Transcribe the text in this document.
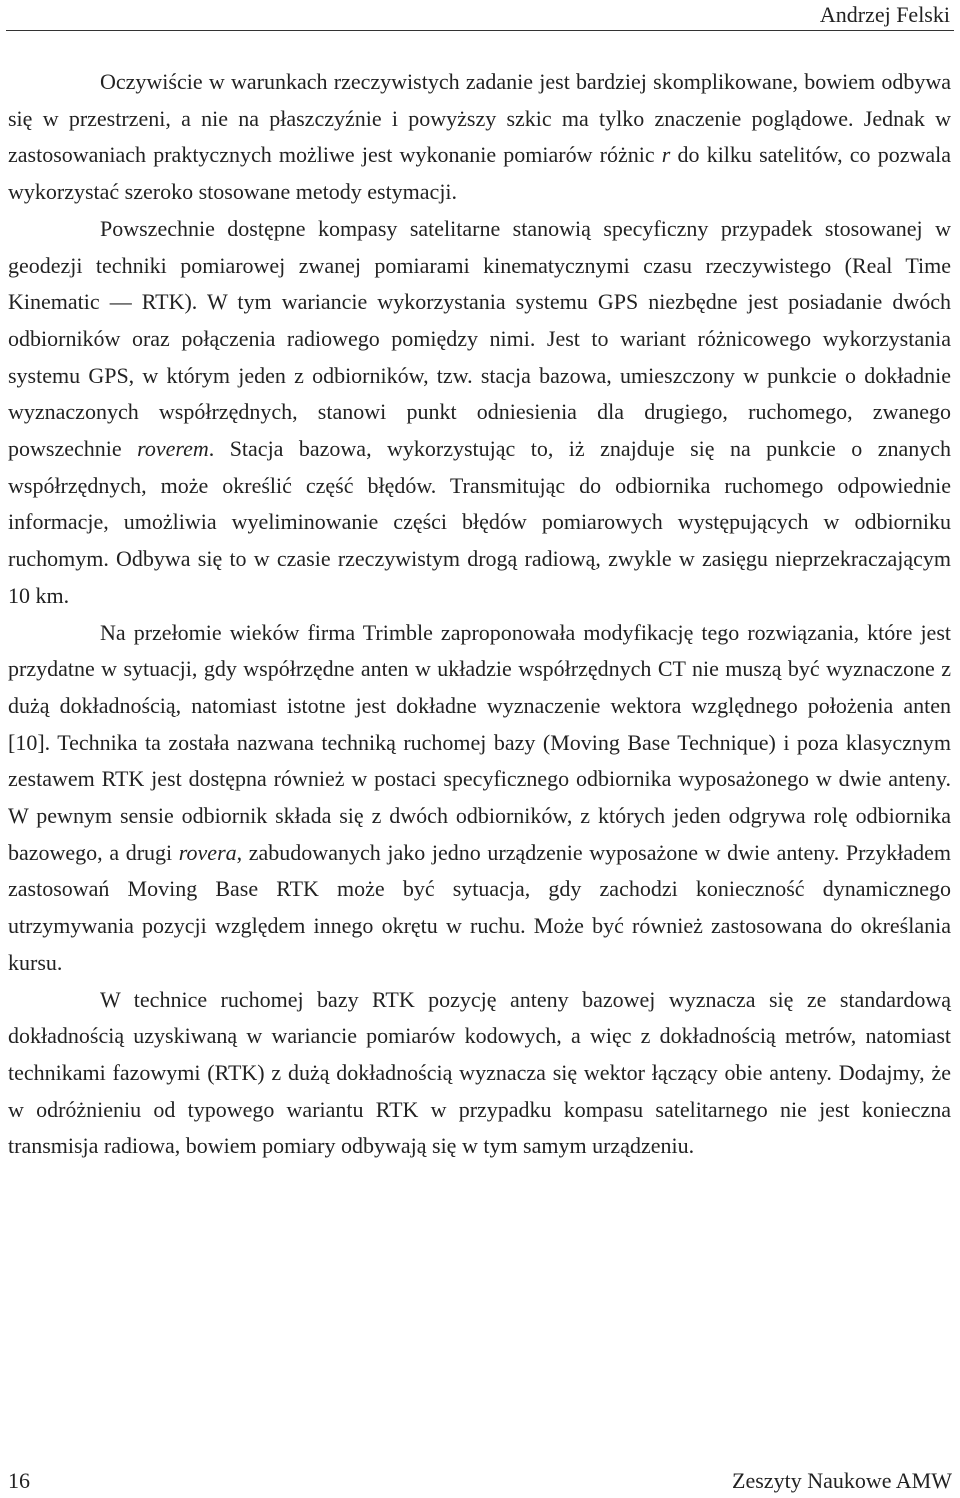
Andrzej Felski

Oczywiście w warunkach rzeczywistych zadanie jest bardziej skomplikowane, bowiem odbywa się w przestrzeni, a nie na płaszczyźnie i powyższy szkic ma tylko znaczenie poglądowe. Jednak w zastosowaniach praktycznych możliwe jest wykonanie pomiarów różnic r do kilku satelitów, co pozwala wykorzystać szeroko stosowane metody estymacji.

Powszechnie dostępne kompasy satelitarne stanowią specyficzny przypadek stosowanej w geodezji techniki pomiarowej zwanej pomiarami kinematycznymi czasu rzeczywistego (Real Time Kinematic — RTK). W tym wariancie wykorzystania systemu GPS niezbędne jest posiadanie dwóch odbiorników oraz połączenia radiowego pomiędzy nimi. Jest to wariant różnicowego wykorzystania systemu GPS, w którym jeden z odbiorników, tzw. stacja bazowa, umieszczony w punkcie o dokładnie wyznaczonych współrzędnych, stanowi punkt odniesienia dla drugiego, ruchomego, zwanego powszechnie roverem. Stacja bazowa, wykorzystując to, iż znajduje się na punkcie o znanych współrzędnych, może określić część błędów. Transmitując do odbiornika ruchomego odpowiednie informacje, umożliwia wyeliminowanie części błędów pomiarowych występujących w odbiorniku ruchomym. Odbywa się to w czasie rzeczywistym drogą radiową, zwykle w zasięgu nieprzekraczającym 10 km.

Na przełomie wieków firma Trimble zaproponowała modyfikację tego rozwiązania, które jest przydatne w sytuacji, gdy współrzędne anten w układzie współrzędnych CT nie muszą być wyznaczone z dużą dokładnością, natomiast istotne jest dokładne wyznaczenie wektora względnego położenia anten [10]. Technika ta została nazwana techniką ruchomej bazy (Moving Base Technique) i poza klasycznym zestawem RTK jest dostępna również w postaci specyficznego odbiornika wyposażonego w dwie anteny. W pewnym sensie odbiornik składa się z dwóch odbiorników, z których jeden odgrywa rolę odbiornika bazowego, a drugi rovera, zabudowanych jako jedno urządzenie wyposażone w dwie anteny. Przykładem zastosowań Moving Base RTK może być sytuacja, gdy zachodzi konieczność dynamicznego utrzymywania pozycji względem innego okrętu w ruchu. Może być również zastosowana do określania kursu.

W technice ruchomej bazy RTK pozycję anteny bazowej wyznacza się ze standardową dokładnością uzyskiwaną w wariancie pomiarów kodowych, a więc z dokładnością metrów, natomiast technikami fazowymi (RTK) z dużą dokładnością wyznacza się wektor łączący obie anteny. Dodajmy, że w odróżnieniu od typowego wariantu RTK w przypadku kompasu satelitarnego nie jest konieczna transmisja radiowa, bowiem pomiary odbywają się w tym samym urządzeniu.

16	Zeszyty Naukowe AMW
